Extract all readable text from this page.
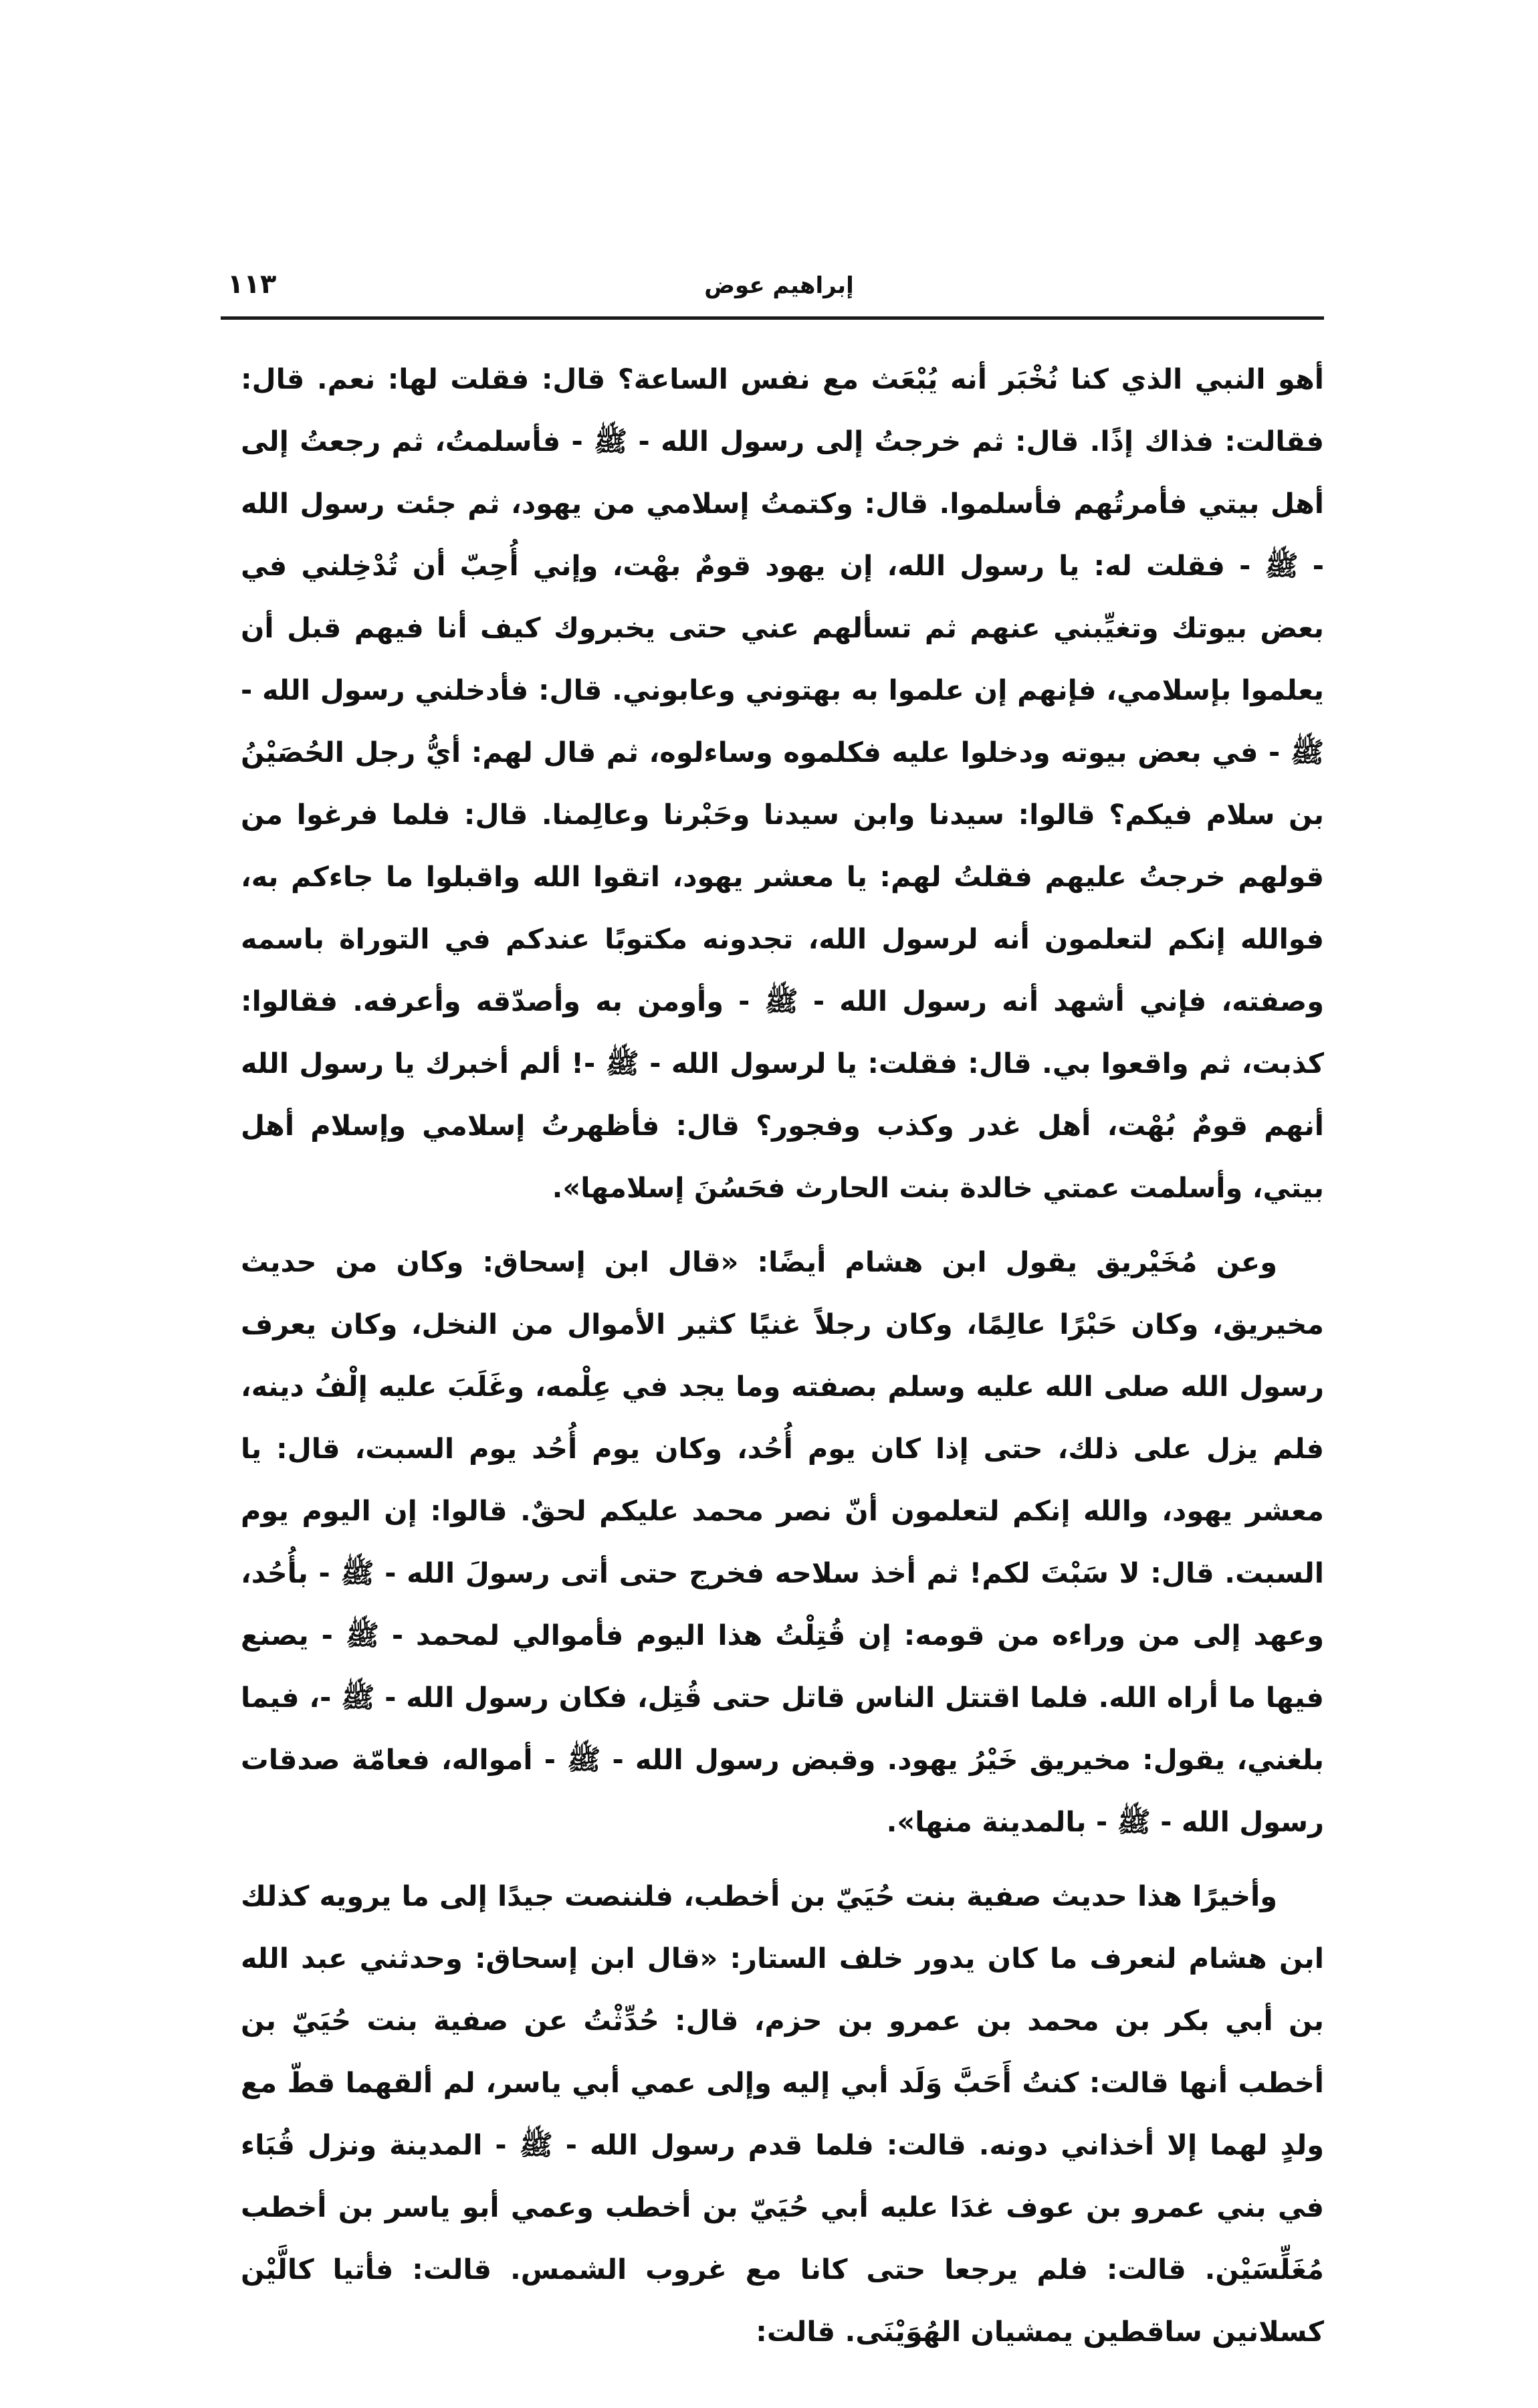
١١٣	إبراهيم عوض

أهو النبي الذي كنا نُخْبَر أنه يُبْعَث مع نفس الساعة؟ قال: فقلت لها: نعم. قال: فقالت: فذاك إذًا. قال: ثم خرجتُ إلى رسول الله - ﷺ - فأسلمتُ، ثم رجعتُ إلى أهل بيتي فأمرتُهم فأسلموا. قال: وكتمتُ إسلامي من يهود، ثم جئت رسول الله - ﷺ - فقلت له: يا رسول الله، إن يهود قومٌ بهْت، وإني أُحِبّ أن تُدْخِلني في بعض بيوتك وتغيِّبني عنهم ثم تسألهم عني حتى يخبروك كيف أنا فيهم قبل أن يعلموا بإسلامي، فإنهم إن علموا به بهتوني وعابوني. قال: فأدخلني رسول الله - ﷺ - في بعض بيوته ودخلوا عليه فكلموه وساءلوه، ثم قال لهم: أيُّ رجل الحُصَيْنُ بن سلام فيكم؟ قالوا: سيدنا وابن سيدنا وحَبْرنا وعالِمنا. قال: فلما فرغوا من قولهم خرجتُ عليهم فقلتُ لهم: يا معشر يهود، اتقوا الله واقبلوا ما جاءكم به، فوالله إنكم لتعلمون أنه لرسول الله، تجدونه مكتوبًا عندكم في التوراة باسمه وصفته، فإني أشهد أنه رسول الله - ﷺ - وأومن به وأصدّقه وأعرفه. فقالوا: كذبت، ثم واقعوا بي. قال: فقلت: يا لرسول الله - ﷺ -! ألم أخبرك يا رسول الله أنهم قومٌ بُهْت، أهل غدر وكذب وفجور؟ قال: فأظهرتُ إسلامي وإسلام أهل بيتي، وأسلمت عمتي خالدة بنت الحارث فحَسُنَ إسلامها».

وعن مُخَيْريق يقول ابن هشام أيضًا: «قال ابن إسحاق: وكان من حديث مخيريق، وكان حَبْرًا عالِمًا، وكان رجلاً غنيًا كثير الأموال من النخل، وكان يعرف رسول الله صلى الله عليه وسلم بصفته وما يجد في عِلْمه، وغَلَبَ عليه إلْفُ دينه، فلم يزل على ذلك، حتى إذا كان يوم أُحُد، وكان يوم أُحُد يوم السبت، قال: يا معشر يهود، والله إنكم لتعلمون أنّ نصر محمد عليكم لحقٌ. قالوا: إن اليوم يوم السبت. قال: لا سَبْتَ لكم! ثم أخذ سلاحه فخرج حتى أتى رسولَ الله - ﷺ - بأُحُد، وعهد إلى من وراءه من قومه: إن قُتِلْتُ هذا اليوم فأموالي لمحمد - ﷺ - يصنع فيها ما أراه الله. فلما اقتتل الناس قاتل حتى قُتِل، فكان رسول الله - ﷺ -، فيما بلغني، يقول: مخيريق خَيْرُ يهود. وقبض رسول الله - ﷺ - أمواله، فعامّة صدقات رسول الله - ﷺ - بالمدينة منها».

وأخيرًا هذا حديث صفية بنت حُيَيّ بن أخطب، فلننصت جيدًا إلى ما يرويه كذلك ابن هشام لنعرف ما كان يدور خلف الستار: «قال ابن إسحاق: وحدثني عبد الله بن أبي بكر بن محمد بن عمرو بن حزم، قال: حُدِّثْتُ عن صفية بنت حُيَيّ بن أخطب أنها قالت: كنتُ أَحَبَّ وَلَد أبي إليه وإلى عمي أبي ياسر، لم ألقهما قطّ مع ولدٍ لهما إلا أخذاني دونه. قالت: فلما قدم رسول الله - ﷺ - المدينة ونزل قُبَاء في بني عمرو بن عوف غدَا عليه أبي حُيَيّ بن أخطب وعمي أبو ياسر بن أخطب مُغَلِّسَيْن. قالت: فلم يرجعا حتى كانا مع غروب الشمس. قالت: فأتيا كالَّيْن كسلانين ساقطين يمشيان الهُوَيْنَى. قالت:
